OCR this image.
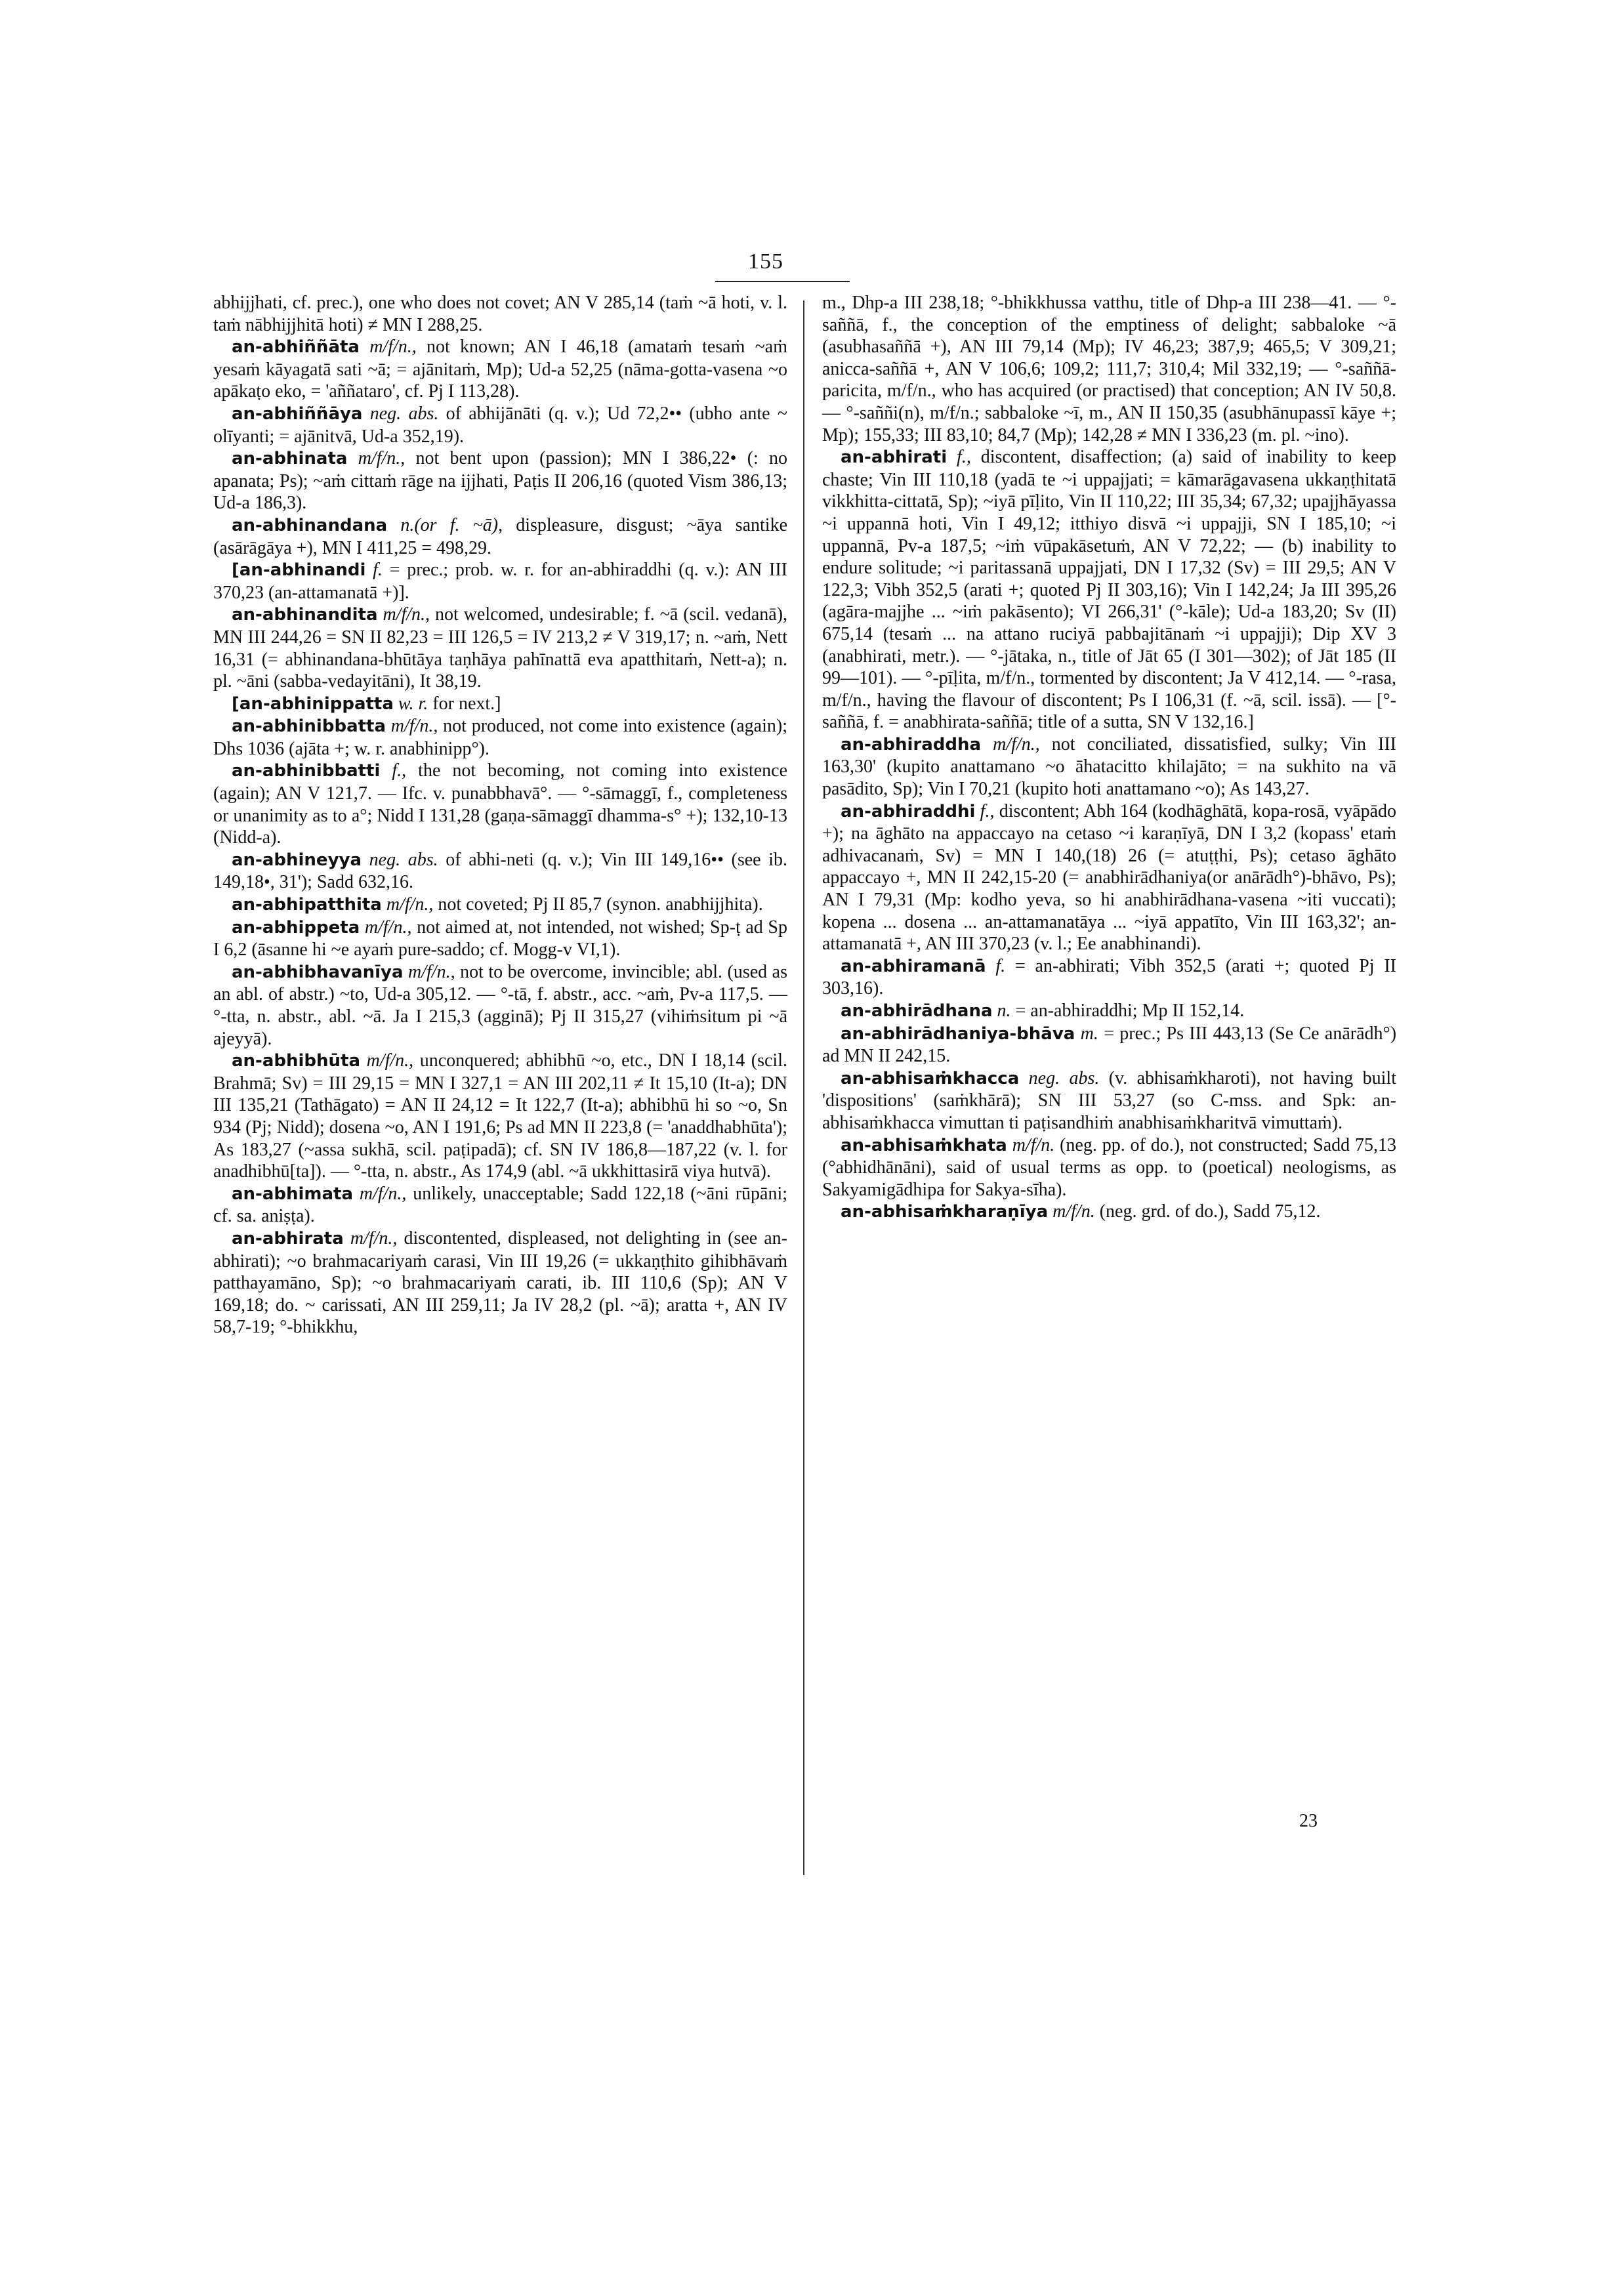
155

abhijjhati, cf. prec.), one who does not covet; AN V 285,14 (taṁ ~ā hoti, v. l. taṁ nābhijjhitā hoti) ≠ MN I 288,25.

an-abhiññāta m/f/n., not known; AN I 46,18 (amataṁ tesaṁ ~aṁ yesaṁ kāyagatā sati ~ā; = ajānitaṁ, Mp); Ud-a 52,25 (nāma-gotta-vasena ~o apākaṭo eko, = 'aññataro', cf. Pj I 113,28).

an-abhiññāya neg. abs. of abhijānāti (q. v.); Ud 72,2•• (ubho ante ~ olīyanti; = ajānitvā, Ud-a 352,19).

an-abhinata m/f/n., not bent upon (passion); MN I 386,22• (: no apanata; Ps); ~aṁ cittaṁ rāge na ijjhati, Paṭis II 206,16 (quoted Vism 386,13; Ud-a 186,3).

an-abhinandana n.(or f. ~ā), displeasure, disgust; ~āya santike (asārāgāya +), MN I 411,25 = 498,29.

[an-abhinandi f. = prec.; prob. w. r. for an-abhiraddhi (q. v.): AN III 370,23 (an-attamanatā +)].

an-abhinandita m/f/n., not welcomed, undesirable; f. ~ā (scil. vedanā), MN III 244,26 = SN II 82,23 = III 126,5 = IV 213,2 ≠ V 319,17; n. ~aṁ, Nett 16,31 (= abhinandana-bhūtāya taṇhāya pahīnattā eva apatthitaṁ, Nett-a); n. pl. ~āni (sabba-vedayitāni), It 38,19.

[an-abhinippatta w. r. for next.]

an-abhinibbatta m/f/n., not produced, not come into existence (again); Dhs 1036 (ajāta +; w. r. anabhinipp°).

an-abhinibbatti f., the not becoming, not coming into existence (again); AN V 121,7. — Ifc. v. punabbhavā°. — °-sāmaggī, f., completeness or unanimity as to a°; Nidd I 131,28 (gaṇa-sāmaggī dhamma-s° +); 132,10-13 (Nidd-a).

an-abhineyya neg. abs. of abhi-neti (q. v.); Vin III 149,16•• (see ib. 149,18•, 31'); Sadd 632,16.

an-abhipatthita m/f/n., not coveted; Pj II 85,7 (synon. anabhijjhita).

an-abhippeta m/f/n., not aimed at, not intended, not wished; Sp-ṭ ad Sp I 6,2 (āsanne hi ~e ayaṁ pure-saddo; cf. Mogg-v VI,1).

an-abhibhavanīya m/f/n., not to be overcome, invincible; abl. (used as an abl. of abstr.) ~to, Ud-a 305,12. — °-tā, f. abstr., acc. ~aṁ, Pv-a 117,5. — °-tta, n. abstr., abl. ~ā. Ja I 215,3 (agginā); Pj II 315,27 (vihiṁsitum pi ~ā ajeyyā).

an-abhibhūta m/f/n., unconquered; abhibhū ~o, etc., DN I 18,14 (scil. Brahmā; Sv) = III 29,15 = MN I 327,1 = AN III 202,11 ≠ It 15,10 (It-a); DN III 135,21 (Tathāgato) = AN II 24,12 = It 122,7 (It-a); abhibhū hi so ~o, Sn 934 (Pj; Nidd); dosena ~o, AN I 191,6; Ps ad MN II 223,8 (= 'anaddhabhūta'); As 183,27 (~assa sukhā, scil. paṭipadā); cf. SN IV 186,8—187,22 (v. l. for anadhibhū[ta]). — °-tta, n. abstr., As 174,9 (abl. ~ā ukkhittasirā viya hutvā).

an-abhimata m/f/n., unlikely, unacceptable; Sadd 122,18 (~āni rūpāni; cf. sa. aniṣṭa).

an-abhirata m/f/n., discontented, displeased, not delighting in (see an-abhirati); ~o brahmacariyaṁ carasi, Vin III 19,26 (= ukkaṇṭhito gihibhāvaṁ patthayamāno, Sp); ~o brahmacariyaṁ carati, ib. III 110,6 (Sp); AN V 169,18; do. ~ carissati, AN III 259,11; Ja IV 28,2 (pl. ~ā); aratta +, AN IV 58,7-19; °-bhikkhu,

m., Dhp-a III 238,18; °-bhikkhussa vatthu, title of Dhp-a III 238—41. — °-saññā, f., the conception of the emptiness of delight; sabbaloke ~ā (asubhasaññā +), AN III 79,14 (Mp); IV 46,23; 387,9; 465,5; V 309,21; anicca-saññā +, AN V 106,6; 109,2; 111,7; 310,4; Mil 332,19; — °-saññā-paricita, m/f/n., who has acquired (or practised) that conception; AN IV 50,8. — °-saññi(n), m/f/n.; sabbaloke ~ī, m., AN II 150,35 (asubhānupassī kāye +; Mp); 155,33; III 83,10; 84,7 (Mp); 142,28 ≠ MN I 336,23 (m. pl. ~ino).

an-abhirati f., discontent, disaffection; (a) said of inability to keep chaste; Vin III 110,18 (yadā te ~i uppajjati; = kāmarāgavasena ukkaṇṭhitatā vikkhitta-cittatā, Sp); ~iyā pīḷito, Vin II 110,22; III 35,34; 67,32; upajjhāyassa ~i uppannā hoti, Vin I 49,12; itthiyo disvā ~i uppajji, SN I 185,10; ~i uppannā, Pv-a 187,5; ~iṁ vūpakāsetuṁ, AN V 72,22; — (b) inability to endure solitude; ~i paritassanā uppajjati, DN I 17,32 (Sv) = III 29,5; AN V 122,3; Vibh 352,5 (arati +; quoted Pj II 303,16); Vin I 142,24; Ja III 395,26 (agāra-majjhe ... ~iṁ pakāsento); VI 266,31' (°-kāle); Ud-a 183,20; Sv (II) 675,14 (tesaṁ ... na attano ruciyā pabbajitānaṁ ~i uppajji); Dip XV 3 (anabhirati, metr.). — °-jātaka, n., title of Jāt 65 (I 301—302); of Jāt 185 (II 99—101). — °-pīḷita, m/f/n., tormented by discontent; Ja V 412,14. — °-rasa, m/f/n., having the flavour of discontent; Ps I 106,31 (f. ~ā, scil. issā). — [°-saññā, f. = anabhirata-saññā; title of a sutta, SN V 132,16.]

an-abhiraddha m/f/n., not conciliated, dissatisfied, sulky; Vin III 163,30' (kupito anattamano ~o āhatacitto khilajāto; = na sukhito na vā pasādito, Sp); Vin I 70,21 (kupito hoti anattamano ~o); As 143,27.

an-abhiraddhi f., discontent; Abh 164 (kodhāghātā, kopa-rosā, vyāpādo +); na āghāto na appaccayo na cetaso ~i karaṇīyā, DN I 3,2 (kopass' etaṁ adhivacanaṁ, Sv) = MN I 140,(18) 26 (= atuṭṭhi, Ps); cetaso āghāto appaccayo +, MN II 242,15-20 (= anabhirādhaniya(or anārādh°)-bhāvo, Ps); AN I 79,31 (Mp: kodho yeva, so hi anabhirādhana-vasena ~iti vuccati); kopena ... dosena ... an-attamanatāya ... ~iyā appatīto, Vin III 163,32'; an-attamanatā +, AN III 370,23 (v. l.; Ee anabhinandi).

an-abhiramanā f. = an-abhirati; Vibh 352,5 (arati +; quoted Pj II 303,16).

an-abhirādhana n. = an-abhiraddhi; Mp II 152,14.

an-abhirādhaniya-bhāva m. = prec.; Ps III 443,13 (Se Ce anārādh°) ad MN II 242,15.

an-abhisaṁkhacca neg. abs. (v. abhisaṁkharoti), not having built 'dispositions' (saṁkhārā); SN III 53,27 (so C-mss. and Spk: an-abhisaṁkhacca vimuttan ti paṭisandhiṁ anabhisaṁkharitvā vimuttaṁ).

an-abhisaṁkhata m/f/n. (neg. pp. of do.), not constructed; Sadd 75,13 (°abhidhānāni), said of usual terms as opp. to (poetical) neologisms, as Sakyamigādhipa for Sakya-sīha).

an-abhisaṁkharaṇīya m/f/n. (neg. grd. of do.), Sadd 75,12.

23
